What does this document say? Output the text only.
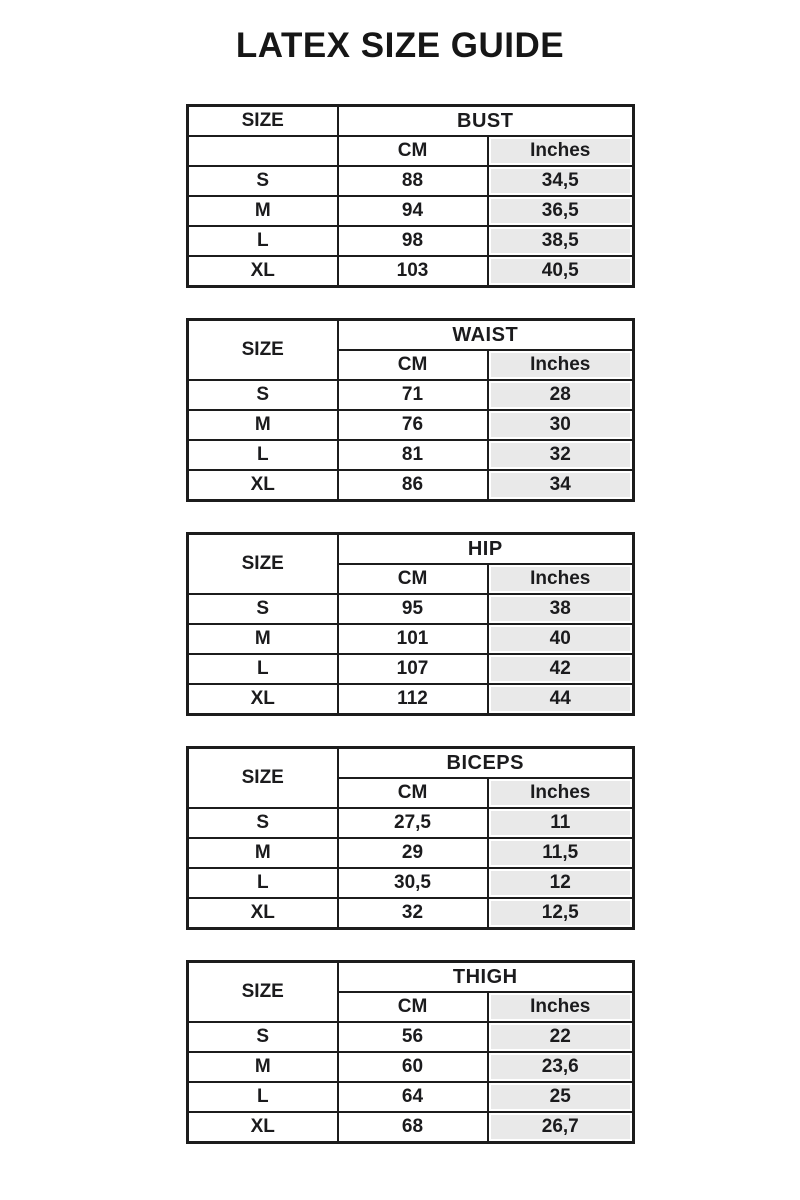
LATEX SIZE GUIDE
SIZE	BUST	
	CM	Inches
S	88	34,5
M	94	36,5
L	98	38,5
XL	103	40,5
SIZE	WAIST	
	CM	Inches
S	71	28
M	76	30
L	81	32
XL	86	34
SIZE	HIP	
	CM	Inches
S	95	38
M	101	40
L	107	42
XL	112	44
SIZE	BICEPS	
	CM	Inches
S	27,5	11
M	29	11,5
L	30,5	12
XL	32	12,5
SIZE	THIGH	
	CM	Inches
S	56	22
M	60	23,6
L	64	25
XL	68	26,7
